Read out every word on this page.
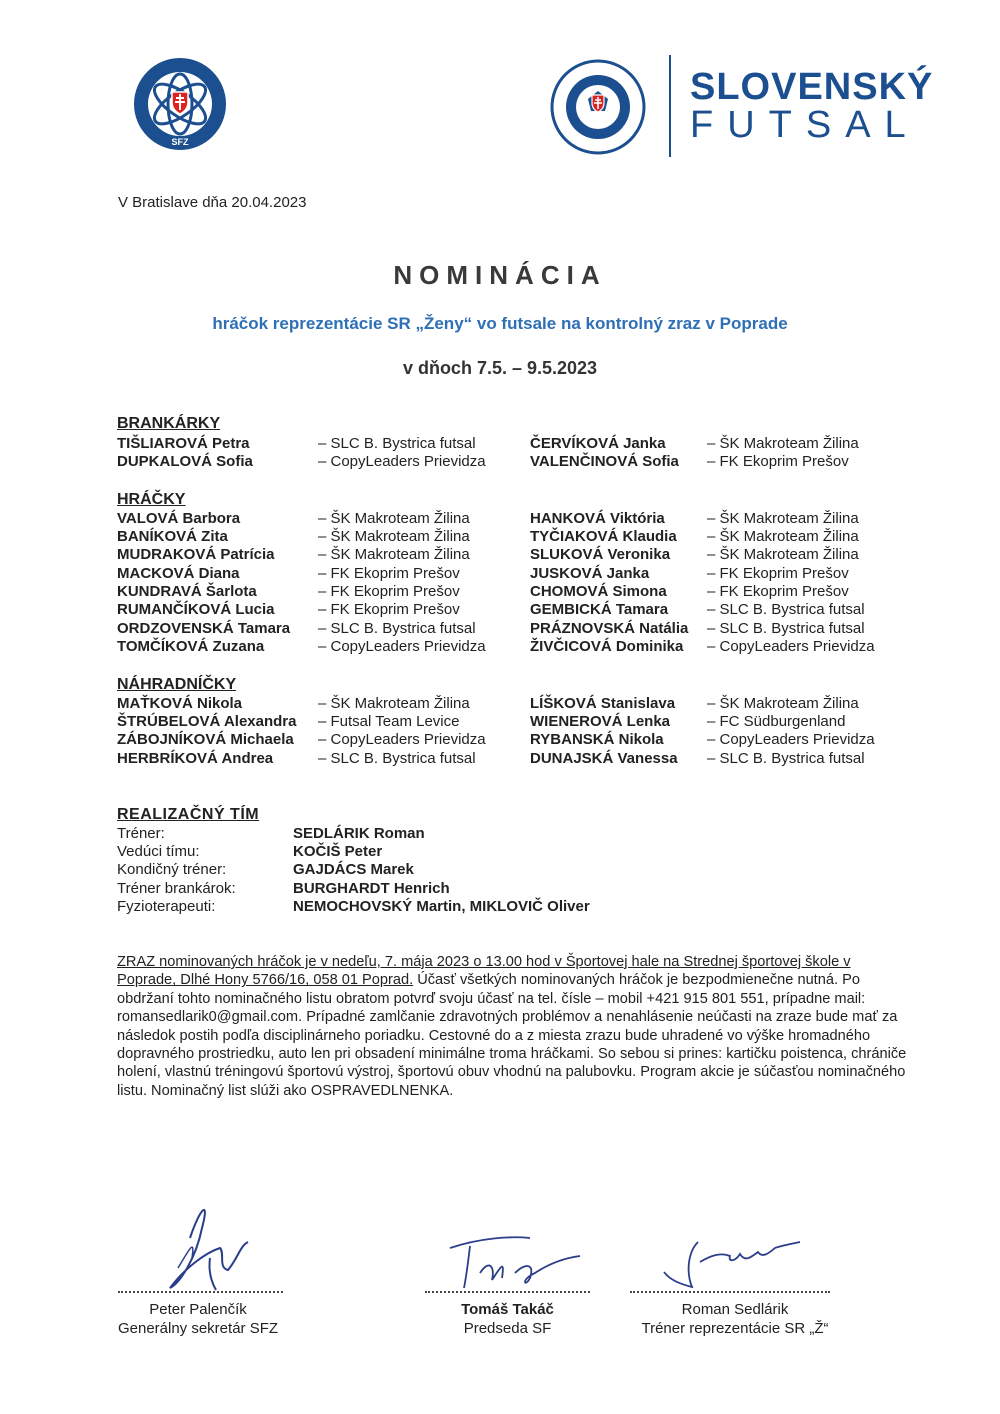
SFZ
SLOVENSKÝ
FUTSAL
V Bratislave dňa 20.04.2023
NOMINÁCIA
hráčok reprezentácie SR „Ženy“ vo futsale na kontrolný zraz v Poprade
v dňoch 7.5. – 9.5.2023
BRANKÁRKY
TIŠLIAROVÁ Petra	– SLC B. Bystrica futsal	ČERVÍKOVÁ Janka	– ŠK Makroteam Žilina
DUPKALOVÁ Sofia	– CopyLeaders Prievidza	VALENČINOVÁ Sofia – FK Ekoprim Prešov
HRÁČKY
VALOVÁ Barbora	– ŠK Makroteam Žilina	HANKOVÁ Viktória	– ŠK Makroteam Žilina
BANÍKOVÁ Zita	– ŠK Makroteam Žilina	TYČIAKOVÁ Klaudia – ŠK Makroteam Žilina
MUDRAKOVÁ Patrícia	– ŠK Makroteam Žilina	SLUKOVÁ Veronika – ŠK Makroteam Žilina
MACKOVÁ Diana	– FK Ekoprim Prešov	JUSKOVÁ Janka	– FK Ekoprim Prešov
KUNDRAVÁ Šarlota	– FK Ekoprim Prešov	CHOMOVÁ Simona	– FK Ekoprim Prešov
RUMANČÍKOVÁ Lucia	– FK Ekoprim Prešov	GEMBICKÁ Tamara	– SLC B. Bystrica futsal
ORDZOVENSKÁ Tamara – SLC B. Bystrica futsal	PRÁZNOVSKÁ Natália – SLC B. Bystrica futsal
TOMČÍKOVÁ Zuzana	– CopyLeaders Prievidza	ŽIVČICOVÁ Dominika – CopyLeaders Prievidza
NÁHRADNÍČKY
MAŤKOVÁ Nikola	– ŠK Makroteam Žilina	LÍŠKOVÁ Stanislava – ŠK Makroteam Žilina
ŠTRÚBELOVÁ Alexandra – Futsal Team Levice	WIENEROVÁ Lenka – FC Südburgenland
ZÁBOJNÍKOVÁ Michaela – CopyLeaders Prievidza	RYBANSKÁ Nikola	– CopyLeaders Prievidza
HERBRÍKOVÁ Andrea	– SLC B. Bystrica futsal	DUNAJSKÁ Vanessa – SLC B. Bystrica futsal
REALIZAČNÝ TÍM
Tréner:	SEDLÁRIK Roman
Vedúci tímu:	KOČIŠ Peter
Kondičný tréner:	GAJDÁCS Marek
Tréner brankárok:	BURGHARDT Henrich
Fyzioterapeuti:	NEMOCHOVSKÝ Martin, MIKLOVIČ Oliver
ZRAZ nominovaných hráčok je v nedeľu, 7. mája 2023 o 13.00 hod v Športovej hale na Strednej športovej škole v Poprade, Dlhé Hony 5766/16, 058 01 Poprad. Účasť všetkých nominovaných hráčok je bezpodmienečne nutná. Po obdržaní tohto nominačného listu obratom potvrď svoju účasť na tel. čísle – mobil +421 915 801 551, prípadne mail: romansedlarik0@gmail.com. Prípadné zamlčanie zdravotných problémov a nenahlásenie neúčasti na zraze bude mať za následok postih podľa disciplinárneho poriadku. Cestovné do a z miesta zrazu bude uhradené vo výške hromadného dopravného prostriedku, auto len pri obsadení minimálne troma hráčkami. So sebou si prines: kartičku poistenca, chrániče holení, vlastnú tréningovú športovú výstroj, športovú obuv vhodnú na palubovku. Program akcie je súčasťou nominačného listu. Nominačný list slúži ako OSPRAVEDLNENKA.
Peter Palenčík
Generálny sekretár SFZ
Tomáš Takáč
Predseda SF
Roman Sedlárik
Tréner reprezentácie SR „Ž“
